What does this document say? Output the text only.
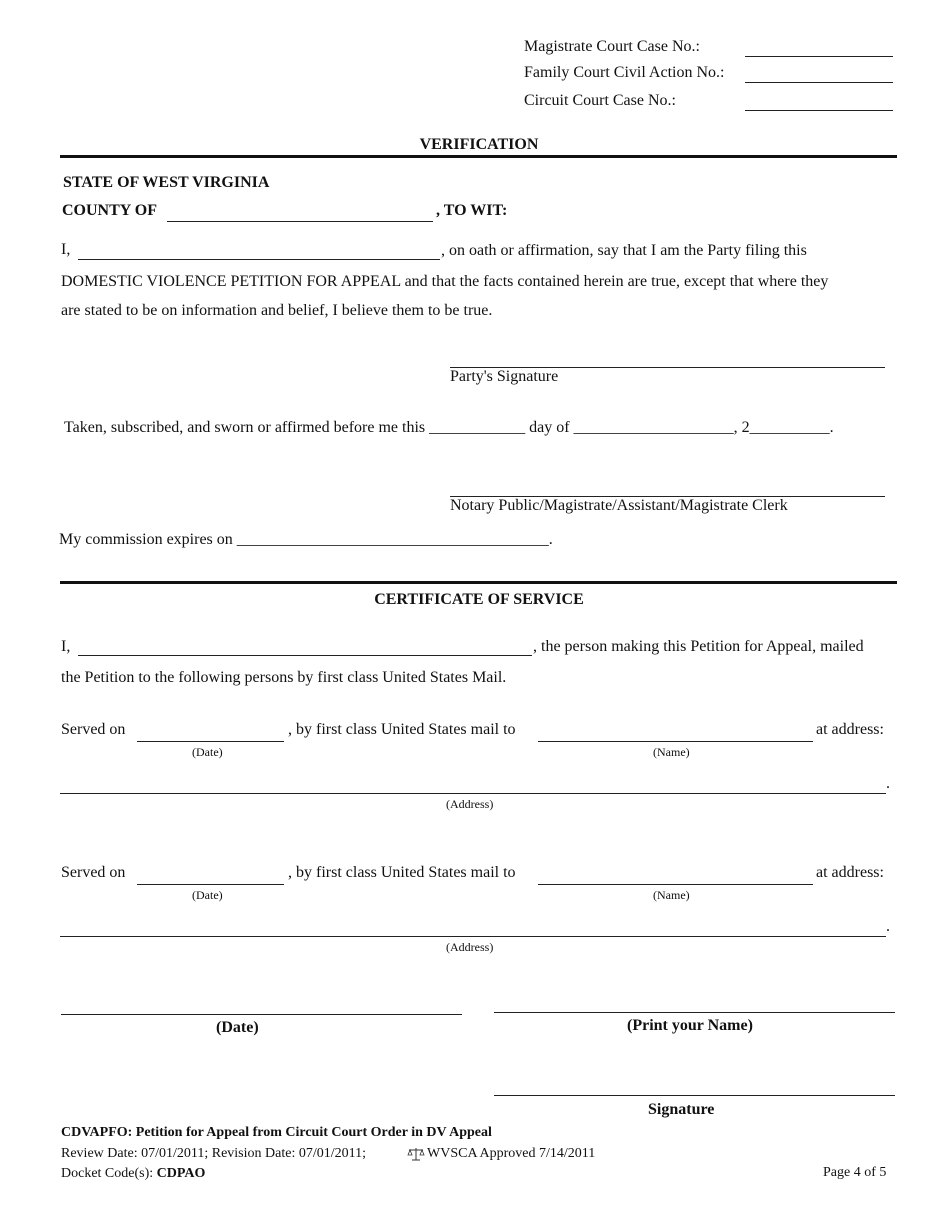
Magistrate Court Case No.:
Family Court Civil Action No.:
Circuit Court Case No.:
VERIFICATION
STATE OF WEST VIRGINIA
COUNTY OF	, TO WIT:
I,	, on oath or affirmation, say that I am the Party filing this
DOMESTIC VIOLENCE PETITION FOR APPEAL and that the facts contained herein are true, except that where they
are stated to be on information and belief, I believe them to be true.
Party's Signature
Taken, subscribed, and sworn or affirmed before me this ____________ day of ____________________, 2__________.
Notary Public/Magistrate/Assistant/Magistrate Clerk
My commission expires on _______________________________________.
CERTIFICATE OF SERVICE
I,	, the person making this Petition for Appeal, mailed
the Petition to the following persons by first class United States Mail.
Served on	, by first class United States mail to	at address:
(Date)	(Name)
.
(Address)
Served on	, by first class United States mail to	at address:
(Date)	(Name)
.
(Address)
(Date)	(Print your Name)
Signature
CDVAPFO: Petition for Appeal from Circuit Court Order in DV Appeal
Review Date: 07/01/2011; Revision Date: 07/01/2011;	WVSCA Approved 7/14/2011
Docket Code(s): CDPAO	Page 4 of 5
